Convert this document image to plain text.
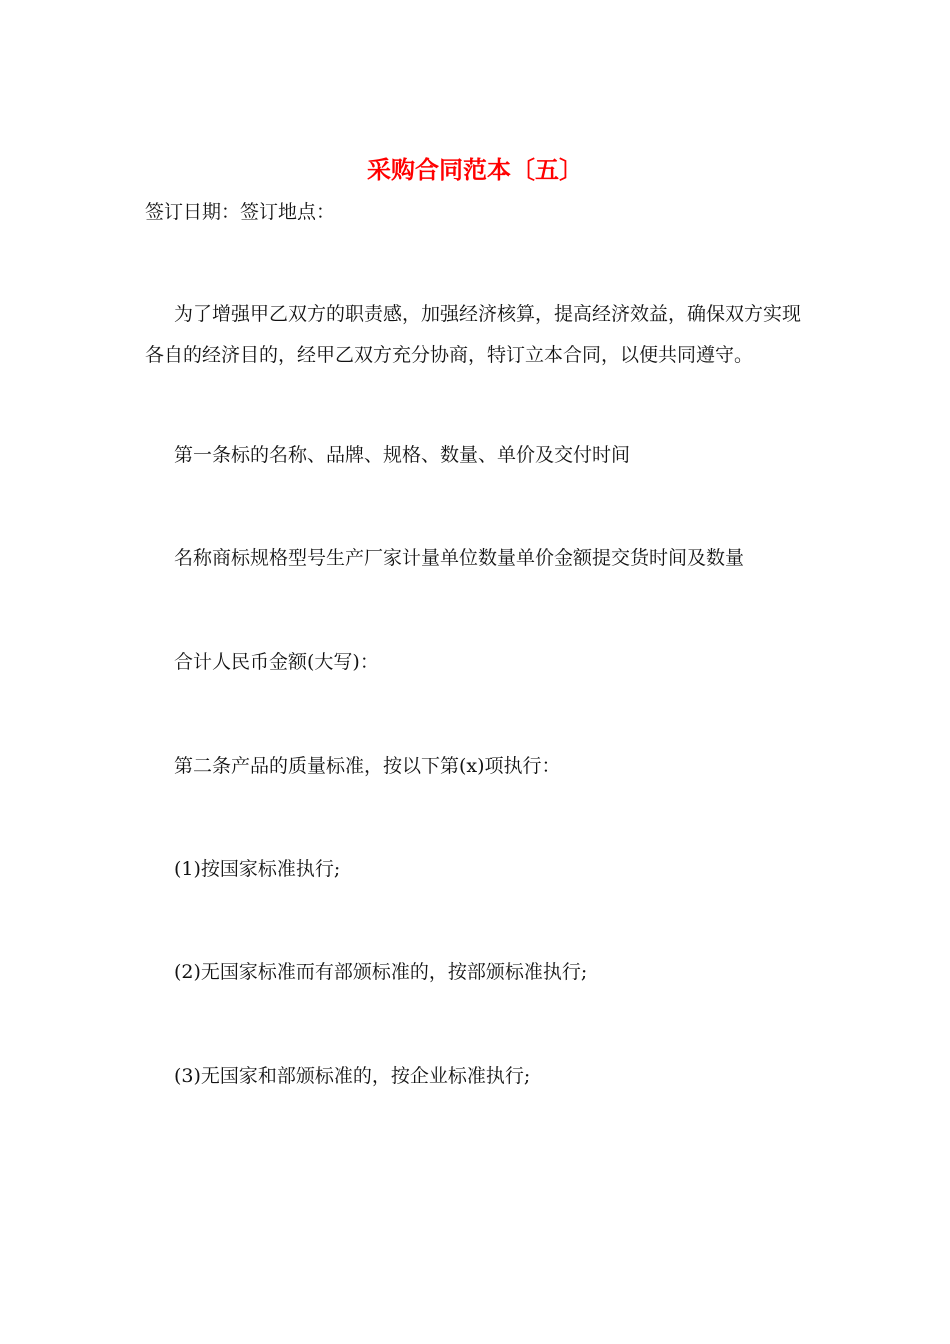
采购合同范本〔五〕
签订日期：签订地点：
为了增强甲乙双方的职责感，加强经济核算，提高经济效益，确保双方实现
各自的经济目的，经甲乙双方充分协商，特订立本合同，以便共同遵守。
第一条标的名称、品牌、规格、数量、单价及交付时间
名称商标规格型号生产厂家计量单位数量单价金额提交货时间及数量
合计人民币金额(大写)：
第二条产品的质量标准，按以下第(x)项执行：
(1)按国家标准执行;
(2)无国家标准而有部颁标准的，按部颁标准执行;
(3)无国家和部颁标准的，按企业标准执行;
